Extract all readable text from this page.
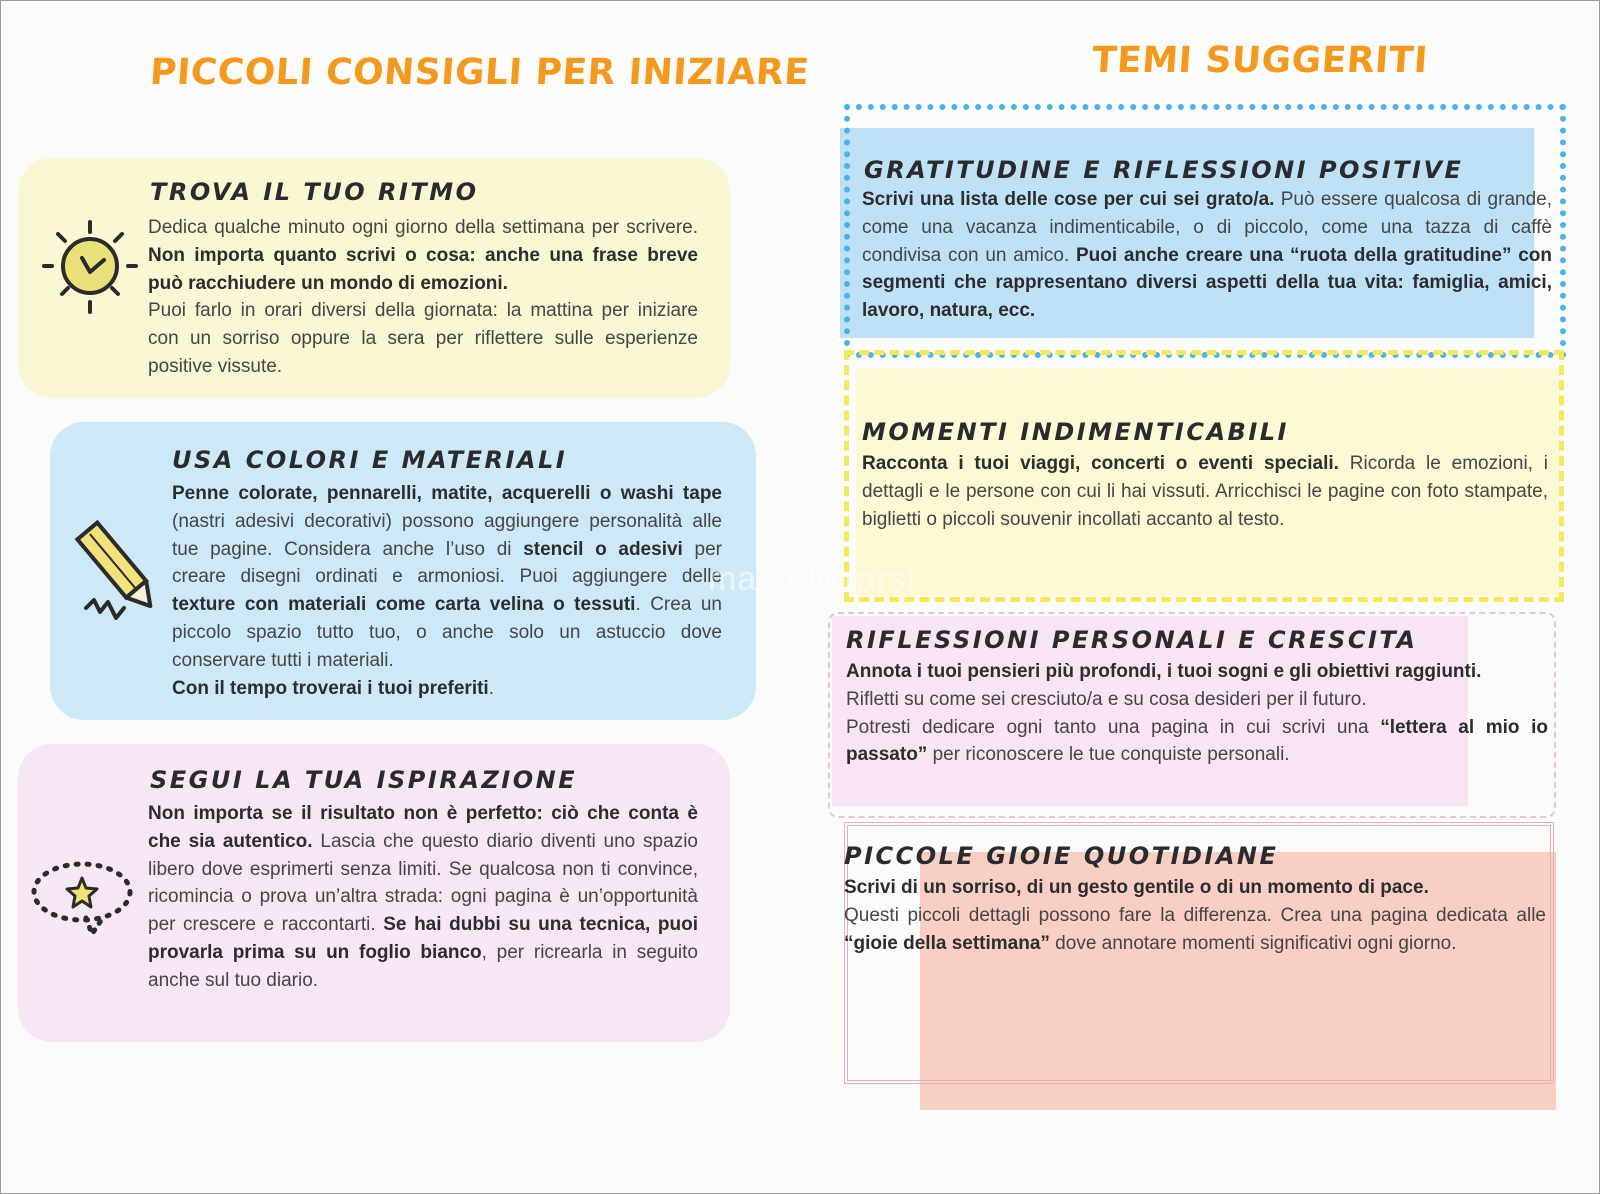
PICCOLI CONSIGLI PER INIZIARE
TROVA IL TUO RITMO

Dedica qualche minuto ogni giorno della settimana per scrivere. Non importa quanto scrivi o cosa: anche una frase breve può racchiudere un mondo di emozioni.
Puoi farlo in orari diversi della giornata: la mattina per iniziare con un sorriso oppure la sera per riflettere sulle esperienze positive vissute.

USA COLORI E MATERIALI

Penne colorate, pennarelli, matite, acquerelli o washi tape (nastri adesivi decorativi) possono aggiungere personalità alle tue pagine. Considera anche l’uso di stencil o adesivi per creare disegni ordinati e armoniosi. Puoi aggiungere delle texture con materiali come carta velina o tessuti. Crea un piccolo spazio tutto tuo, o anche solo un astuccio dove conservare tutti i materiali.
Con il tempo troverai i tuoi preferiti.

SEGUI LA TUA ISPIRAZIONE

Non importa se il risultato non è perfetto: ciò che conta è che sia autentico. Lascia che questo diario diventi uno spazio libero dove esprimerti senza limiti. Se qualcosa non ti convince, ricomincia o prova un’altra strada: ogni pagina è un’opportunità per crescere e raccontarti. Se hai dubbi su una tecnica, puoi provarla prima su un foglio bianco, per ricrearla in seguito anche sul tuo diario.

TEMI SUGGERITI
GRATITUDINE E RIFLESSIONI POSITIVE

Scrivi una lista delle cose per cui sei grato/a. Può essere qualcosa di grande, come una vacanza indimenticabile, o di piccolo, come una tazza di caffè condivisa con un amico. Puoi anche creare una “ruota della gratitudine” con segmenti che rappresentano diversi aspetti della tua vita: famiglia, amici, lavoro, natura, ecc.

MOMENTI INDIMENTICABILI

Racconta i tuoi viaggi, concerti o eventi speciali. Ricorda le emozioni, i dettagli e le persone con cui li hai vissuti. Arricchisci le pagine con foto stampate, biglietti o piccoli souvenir incollati accanto al testo.

RIFLESSIONI PERSONALI E CRESCITA

Annota i tuoi pensieri più profondi, i tuoi sogni e gli obiettivi raggiunti.
Rifletti su come sei cresciuto/a e su cosa desideri per il futuro.
Potresti dedicare ogni tanto una pagina in cui scrivi una “lettera al mio io passato” per riconoscere le tue conquiste personali.

PICCOLE GIOIE QUOTIDIANE

Scrivi di un sorriso, di un gesto gentile o di un momento di pace.
Questi piccoli dettagli possono fare la differenza. Crea una pagina dedicata alle “gioie della settimana” dove annotare momenti significativi ogni giorno.

macrolibrarsi
